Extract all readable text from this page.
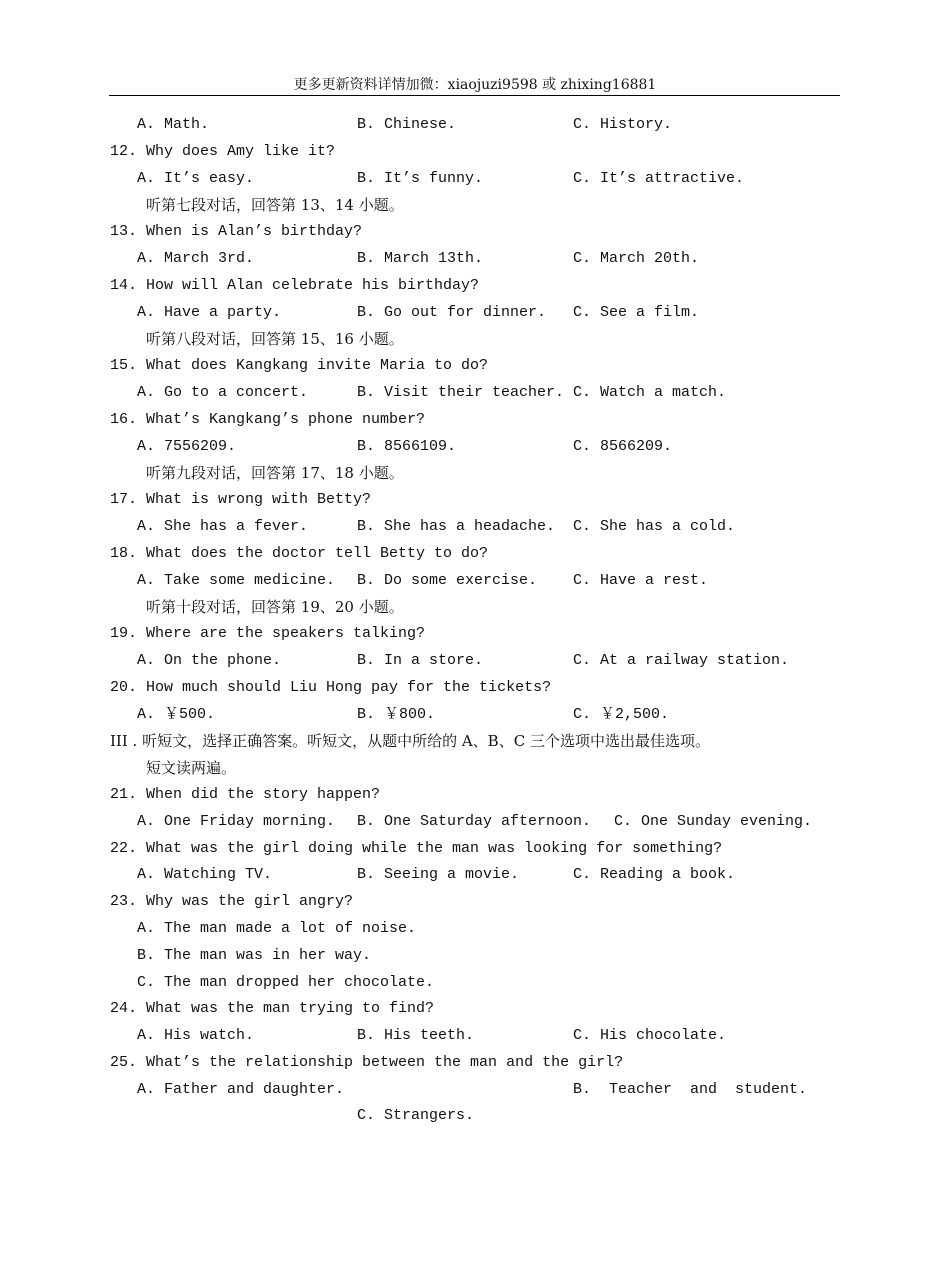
更多更新资料详情加微：xiaojuzi9598 或 zhixing16881

A. Math.

	B. Chinese.

	C. History.

12. Why does Amy like it?

A. It’s easy.

	B. It’s funny.

	C. It’s attractive.

听第七段对话，回答第 13、14 小题。
13. When is Alan’s birthday?

A. March 3rd.

	B. March 13th.

	C. March 20th.

14. How will Alan celebrate his birthday?

A. Have a party.

	B. Go out for dinner.

C. See a film.

听第八段对话，回答第 15、16 小题。
15. What does Kangkang invite Maria to do?

A. Go to a concert.

	B. Visit their teacher.

C. Watch a match.

16. What’s Kangkang’s phone number?

A. 7556209.

	B. 8566109.

	C. 8566209.

听第九段对话，回答第 17、18 小题。
17. What is wrong with Betty?

A. She has a fever.

	B. She has a headache.

C. She has a cold.

18. What does the doctor tell Betty to do?

A. Take some medicine.

B. Do some exercise.

C. Have a rest.

听第十段对话，回答第 19、20 小题。
19. Where are the speakers talking?

A. On the phone.

	B. In a store.

	C. At a railway station.

20. How much should Liu Hong pay for the tickets?

A. ￥500.

	B. ￥800.

	C. ￥2,500.

III . 听短文，选择正确答案。听短文，从题中所给的 A、B、C 三个选项中选出最佳选项。
短文读两遍。
21. When did the story happen?

A. One Friday morning.

B. One Saturday afternoon.

C. One Sunday evening.

22. What was the girl doing while the man was looking for something?

A. Watching TV.

	B. Seeing a movie.

	C. Reading a book.

23. Why was the girl angry?

A. The man made a lot of noise.

B. The man was in her way.

C. The man dropped her chocolate.

24. What was the man trying to find?

A. His watch.

	B. His teeth.

	C. His chocolate.

25. What’s the relationship between the man and the girl?

A. Father and daughter.

	B.  Teacher  and  student.

C. Strangers.
